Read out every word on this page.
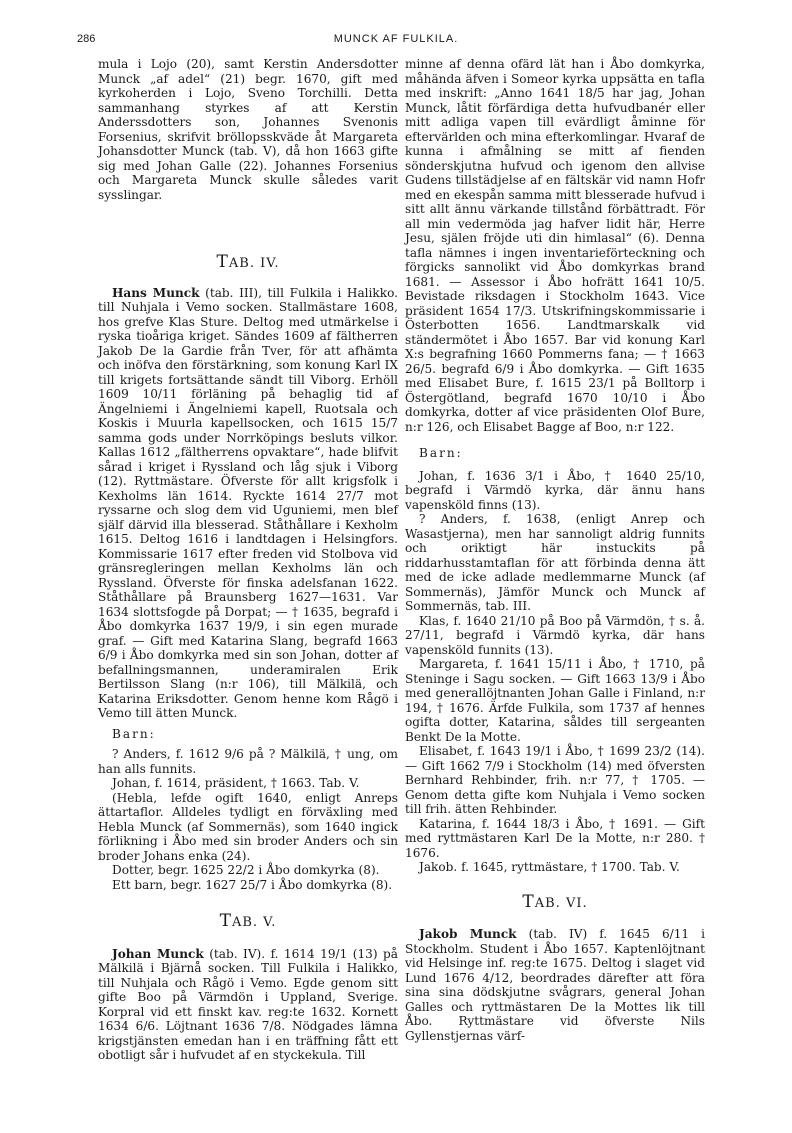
286	MUNCK AF FULKILA.

mula i Lojo (20), samt Kerstin Andersdotter Munck „af adel“ (21) begr. 1670, gift med kyrkoherden i Lojo, Sveno Torchilli. Detta sammanhang styrkes af att Kerstin Anderssdotters son, Johannes Svenonis Forsenius, skrifvit bröllopsskväde åt Margareta Johansdotter Munck (tab. V), då hon 1663 gifte sig med Johan Galle (22). Johannes Forsenius och Margareta Munck skulle således varit sysslingar.

TAB. IV.

Hans Munck (tab. III), till Fulkila i Halikko. till Nuhjala i Vemo socken. Stallmästare 1608, hos grefve Klas Sture. Deltog med utmärkelse i ryska tioåriga kriget. Sändes 1609 af fältherren Jakob De la Gardie från Tver, för att afhämta och inöfva den förstärkning, som konung Karl IX till krigets fortsättande sändt till Viborg. Erhöll 1609 10/11 förläning på behaglig tid af Ängelniemi i Ängelniemi kapell, Ruotsala och Koskis i Muurla kapellsocken, och 1615 15/7 samma gods under Norrköpings besluts vilkor. Kallas 1612 „fältherrens opvaktare“, hade blifvit sårad i kriget i Ryssland och låg sjuk i Viborg (12). Ryttmästare. Öfverste för allt krigsfolk i Kexholms län 1614. Ryckte 1614 27/7 mot ryssarne och slog dem vid Uguniemi, men blef själf därvid illa blesserad. Ståthållare i Kexholm 1615. Deltog 1616 i landtdagen i Helsingfors. Kommissarie 1617 efter freden vid Stolbova vid gränsregleringen mellan Kexholms län och Ryssland. Öfverste för finska adelsfanan 1622. Ståthållare på Braunsberg 1627—1631. Var 1634 slottsfogde på Dorpat; — † 1635, begrafd i Åbo domkyrka 1637 19/9, i sin egen murade graf. — Gift med Katarina Slang, begrafd 1663 6/9 i Åbo domkyrka med sin son Johan, dotter af befallningsmannen, underamiralen Erik Bertilsson Slang (n:r 106), till Mälkilä, och Katarina Eriksdotter. Genom henne kom Rågö i Vemo till ätten Munck.

Barn:

? Anders, f. 1612 9/6 på ? Mälkilä, † ung, om han alls funnits.

Johan, f. 1614, präsident, † 1663. Tab. V.

(Hebla, lefde ogift 1640, enligt Anreps ättartaflor. Alldeles tydligt en förväxling med Hebla Munck (af Sommernäs), som 1640 ingick förlikning i Åbo med sin broder Anders och sin broder Johans enka (24).

Dotter, begr. 1625 22/2 i Åbo domkyrka (8).

Ett barn, begr. 1627 25/7 i Åbo domkyrka (8).

TAB. V.

Johan Munck (tab. IV). f. 1614 19/1 (13) på Mälkilä i Bjärnå socken. Till Fulkila i Halikko, till Nuhjala och Rågö i Vemo. Egde genom sitt gifte Boo på Värmdön i Uppland, Sverige. Korpral vid ett finskt kav. reg:te 1632. Kornett 1634 6/6. Löjtnant 1636 7/8. Nödgades lämna krigstjänsten emedan han i en träffning fått ett obotligt sår i hufvudet af en styckekula. Till

minne af denna ofärd lät han i Åbo domkyrka, måhända äfven i Someor kyrka uppsätta en tafla med inskrift: „Anno 1641 18/5 har jag, Johan Munck, låtit förfärdiga detta hufvudbanér eller mitt adliga vapen till evärdligt åminne för eftervärlden och mina efterkomlingar. Hvaraf de kunna i afmålning se mitt af fienden sönderskjutna hufvud och igenom den allvise Gudens tillstädjelse af en fältskär vid namn Hofr med en ekespån samma mitt blesserade hufvud i sitt allt ännu värkande tillstånd förbättradt. För all min vedermöda jag hafver lidit här, Herre Jesu, själen fröjde uti din himlasal“ (6). Denna tafla nämnes i ingen inventarieförteckning och förgicks sannolikt vid Åbo domkyrkas brand 1681. — Assessor i Åbo hofrätt 1641 10/5. Bevistade riksdagen i Stockholm 1643. Vice präsident 1654 17/3. Utskrifningskommissarie i Österbotten 1656. Landtmarskalk vid ständermötet i Åbo 1657. Bar vid konung Karl X:s begrafning 1660 Pommerns fana; — † 1663 26/5. begrafd 6/9 i Åbo domkyrka. — Gift 1635 med Elisabet Bure, f. 1615 23/1 på Bolltorp i Östergötland, begrafd 1670 10/10 i Åbo domkyrka, dotter af vice präsidenten Olof Bure, n:r 126, och Elisabet Bagge af Boo, n:r 122.

Barn:

Johan, f. 1636 3/1 i Åbo, † 1640 25/10, begrafd i Värmdö kyrka, där ännu hans vapensköld finns (13).

? Anders, f. 1638, (enligt Anrep och Wasastjerna), men har sannoligt aldrig funnits och oriktigt här instuckits på riddarhusstamtaflan för att förbinda denna ätt med de icke adlade medlemmarne Munck (af Sommernäs), Jämför Munck och Munck af Sommernäs, tab. III.

Klas, f. 1640 21/10 på Boo på Värmdön, † s. å. 27/11, begrafd i Värmdö kyrka, där hans vapensköld funnits (13).

Margareta, f. 1641 15/11 i Åbo, † 1710, på Steninge i Sagu socken. — Gift 1663 13/9 i Åbo med generallöjtnanten Johan Galle i Finland, n:r 194, † 1676. Ärfde Fulkila, som 1737 af hennes ogifta dotter, Katarina, såldes till sergeanten Benkt De la Motte.

Elisabet, f. 1643 19/1 i Åbo, † 1699 23/2 (14). — Gift 1662 7/9 i Stockholm (14) med öfversten Bernhard Rehbinder, frih. n:r 77, † 1705. — Genom detta gifte kom Nuhjala i Vemo socken till frih. ätten Rehbinder.

Katarina, f. 1644 18/3 i Åbo, † 1691. — Gift med ryttmästaren Karl De la Motte, n:r 280. † 1676.

Jakob. f. 1645, ryttmästare, † 1700. Tab. V.

TAB. VI.

Jakob Munck (tab. IV) f. 1645 6/11 i Stockholm. Student i Åbo 1657. Kaptenlöjtnant vid Helsinge inf. reg:te 1675. Deltog i slaget vid Lund 1676 4/12, beordrades därefter att föra sina sina dödskjutne svågrars, general Johan Galles och ryttmästaren De la Mottes lik till Åbo. Ryttmästare vid öfverste Nils Gyllenstjernas värf-
